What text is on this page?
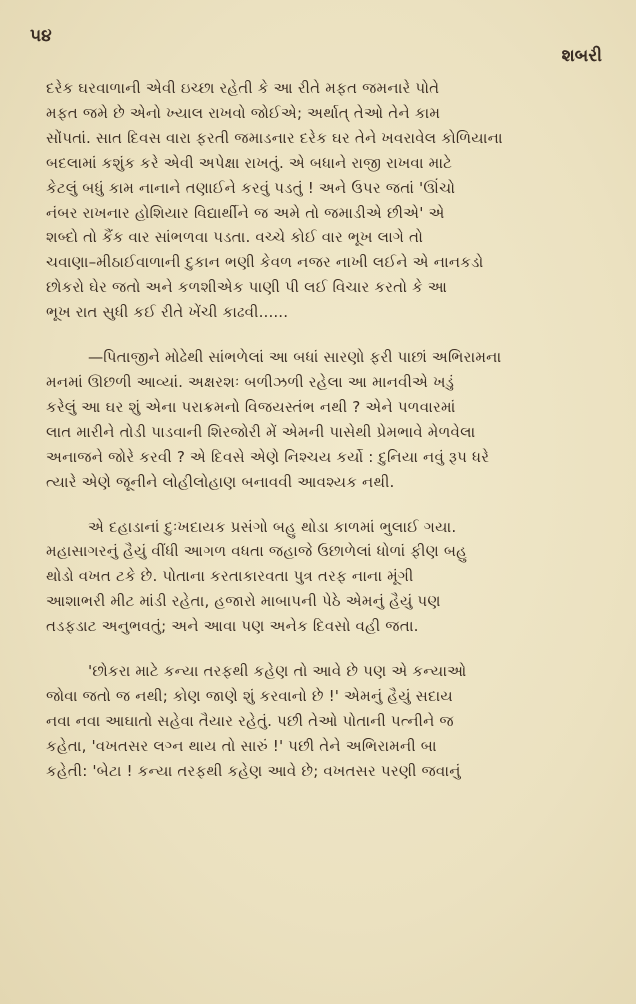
૫૪
શબરી

દરેક ઘરવાળાની એવી ઇચ્છા રહેતી કે આ રીતે મફત જમનારે પોતે
મફત જમે છે એનો ખ્યાલ રાખવો જોઈએ; અર્થાત્ તેઓ તેને કામ
સોંપતાં. સાત દિવસ વારા ફરતી જમાડનાર દરેક ઘર તેને ખવરાવેલ કોળિયાના
બદલામાં કશુંક કરે એવી અપેક્ષા રાખતું. એ બધાને રાજી રાખવા માટે
કેટલું બધું કામ નાનાને તણાઈને કરવું પડતું ! અને ઉપર જતાં 'ઊંચો
નંબર રાખનાર હોશિયાર વિદ્યાર્થીને જ અમે તો જમાડીએ છીએ' એ
શબ્દો તો કૈંક વાર સાંભળવા પડતા. વચ્ચે કોઈ વાર ભૂખ લાગે તો
ચવાણા–મીઠાઈવાળાની દુકાન ભણી કેવળ નજર નાખી લઈને એ નાનકડો
છોકરો ઘેર જતો અને કળશીએક પાણી પી લઈ વિચાર કરતો કે આ
ભૂખ રાત સુધી કઈ રીતે ખેંચી કાઢવી......

—પિતાજીને મોઢેથી સાંભળેલાં આ બધાં સારણો ફરી પાછાં અભિરામના
મનમાં ઊછળી આવ્યાં. અક્ષરશઃ બળીઝળી રહેલા આ માનવીએ ખડું
કરેલું આ ઘર શું એના પરાક્રમનો વિજયસ્તંભ નથી ? એને પળવારમાં
લાત મારીને તોડી પાડવાની શિરજોરી મેં એમની પાસેથી પ્રેમભાવે મેળવેલા
અનાજને જોરે કરવી ? એ દિવસે એણે નિશ્ચય કર્યો : દુનિયા નવું રૂપ ધરે
ત્યારે એણે જૂનીને લોહીલોહાણ બનાવવી આવશ્યક નથી.

એ દહાડાનાં દુઃખદાયક પ્રસંગો બહુ થોડા કાળમાં ભુલાઈ ગયા.
મહાસાગરનું હૈયું વીંધી આગળ વધતા જહાજે ઉછાળેલાં ધોળાં ફીણ બહુ
થોડો વખત ટકે છે. પોતાના કરતાકારવતા પુત્ર તરફ નાના મૂંગી
આશાભરી મીટ માંડી રહેતા, હજારો માબાપની પેઠે એમનું હૈયું પણ
તડફડાટ અનુભવતું; અને આવા પણ અનેક દિવસો વહી જતા.

'છોકરા માટે કન્યા તરફથી કહેણ તો આવે છે પણ એ કન્યાઓ
જોવા જતો જ નથી; કોણ જાણે શું કરવાનો છે !' એમનું હૈયું સદાય
નવા નવા આઘાતો સહેવા તૈયાર રહેતું. પછી તેઓ પોતાની પત્નીને જ
કહેતા, 'વખતસર લગ્ન થાય તો સારું !' પછી તેને અભિરામની બા
કહેતી: 'બેટા ! કન્યા તરફથી કહેણ આવે છે; વખતસર પરણી જવાનું
